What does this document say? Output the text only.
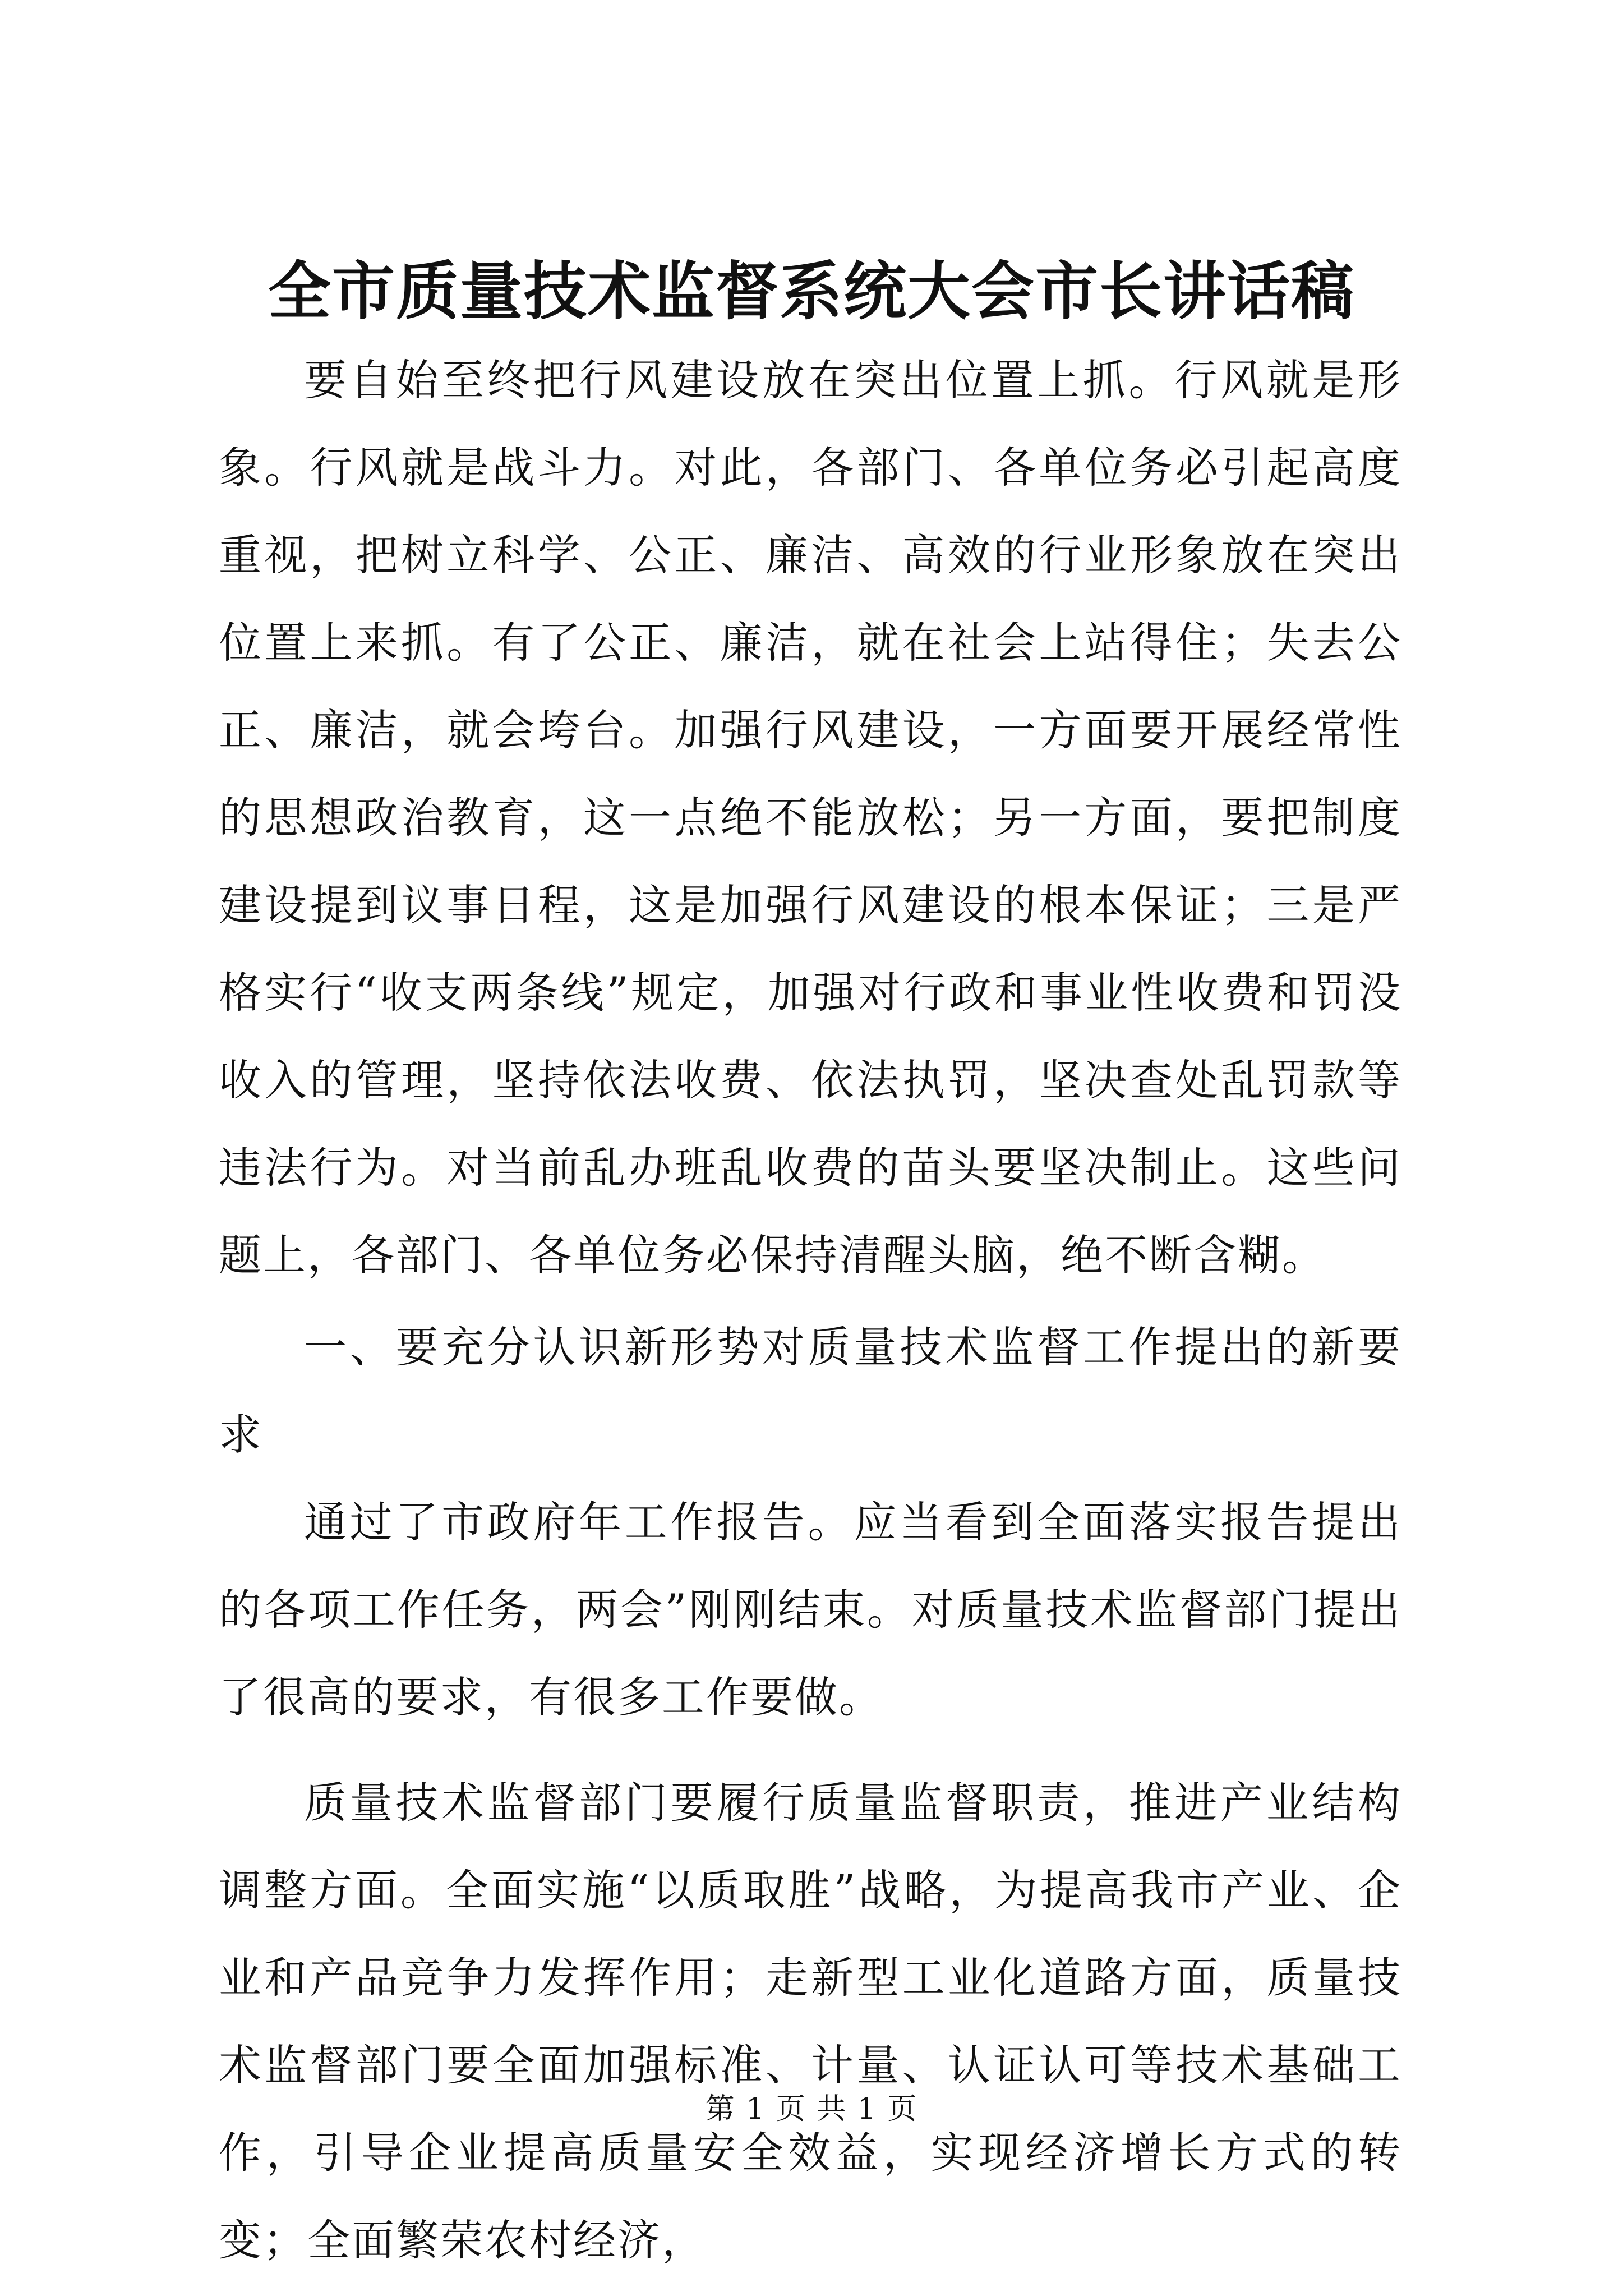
全市质量技术监督系统大会市长讲话稿

要自始至终把行风建设放在突出位置上抓。行风就是形象。行风就是战斗力。对此，各部门、各单位务必引起高度重视，把树立科学、公正、廉洁、高效的行业形象放在突出位置上来抓。有了公正、廉洁，就在社会上站得住；失去公正、廉洁，就会垮台。加强行风建设，一方面要开展经常性的思想政治教育，这一点绝不能放松；另一方面，要把制度建设提到议事日程，这是加强行风建设的根本保证；三是严格实行“收支两条线”规定，加强对行政和事业性收费和罚没收入的管理，坚持依法收费、依法执罚，坚决查处乱罚款等违法行为。对当前乱办班乱收费的苗头要坚决制止。这些问题上，各部门、各单位务必保持清醒头脑，绝不断含糊。

一、要充分认识新形势对质量技术监督工作提出的新要求

通过了市政府年工作报告。应当看到全面落实报告提出的各项工作任务，两会”刚刚结束。对质量技术监督部门提出了很高的要求，有很多工作要做。

质量技术监督部门要履行质量监督职责，推进产业结构调整方面。全面实施“以质取胜”战略，为提高我市产业、企业和产品竞争力发挥作用；走新型工业化道路方面，质量技术监督部门要全面加强标准、计量、认证认可等技术基础工作，引导企业提高质量安全效益，实现经济增长方式的转变；全面繁荣农村经济，

第 1 页 共 1 页
